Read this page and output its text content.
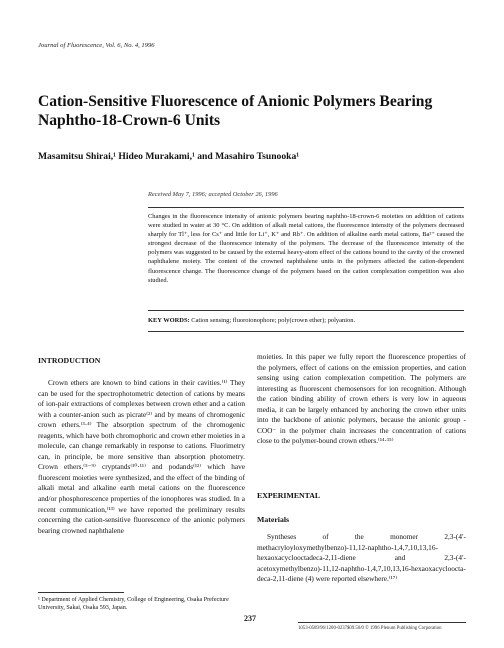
Journal of Fluorescence, Vol. 6, No. 4, 1996
Cation-Sensitive Fluorescence of Anionic Polymers Bearing Naphtho-18-Crown-6 Units
Masamitsu Shirai,¹ Hideo Murakami,¹ and Masahiro Tsunooka¹
Received May 7, 1996; accepted October 26, 1996
Changes in the fluorescence intensity of anionic polymers bearing naphtho-18-crown-6 moieties on addition of cations were studied in water at 30 °C. On addition of alkali metal cations, the fluorescence intensity of the polymers decreased sharply for Tl⁺, less for Cs⁺ and little for Li⁺, K⁺ and Rb⁺. On addition of alkaline earth metal cations, Ba²⁺ caused the strongest decrease of the fluorescence intensity of the polymers. The decrease of the fluorescence intensity of the polymers was suggested to be caused by the external heavy-atom effect of the cations bound to the cavity of the crowned naphthalene moiety. The content of the crowned naphthalene units in the polymers affected the cation-dependent fluorescence change. The fluorescence change of the polymers based on the cation complexation competition was also studied.
KEY WORDS: Cation sensing; fluoroionophore; poly(crown ether); polyanion.
INTRODUCTION

Crown ethers are known to bind cations in their cavities.⁽¹⁾ They can be used for the spectrophotometric detection of cations by means of ion-pair extractions of complexes between crown ether and a cation with a counter-anion such as picrate⁽²⁾ and by means of chromogenic crown ethers.⁽³·⁴⁾ The absorption spectrum of the chromogenic reagents, which have both chromophoric and crown ether moieties in a molecule, can change remarkably in response to cations. Fluorimetry can, in principle, be more sensitive than absorption photometry. Crown ethers,⁽⁵⁻⁹⁾ cryptands⁽¹⁰·¹¹⁾ and podands⁽¹²⁾ which have fluorescent moieties were synthesized, and the effect of the binding of alkali metal and alkaline earth metal cations on the fluorescence and/or phosphorescence properties of the ionophores was studied. In a recent communication,⁽¹³⁾ we have reported the preliminary results concerning the cation-sensitive fluorescence of the anionic polymers bearing crowned naphthalene

moieties. In this paper we fully report the fluorescence properties of the polymers, effect of cations on the emission properties, and cation sensing using cation complexation competition. The polymers are interesting as fluorescent chemosensors for ion recognition. Although the cation binding ability of crown ethers is very low in aqueous media, it can be largely enhanced by anchoring the crown ether units into the backbone of anionic polymers, because the anionic group -COO⁻ in the polymer chain increases the concentration of cations close to the polymer-bound crown ethers.⁽¹⁴·¹⁵⁾

EXPERIMENTAL
Materials

Syntheses of the monomer 2,3-(4′-methacryloyloxymethylbenzo)-11,12-naphtho-1,4,7,10,13,16-hexaoxacyclooctadeca-2,11-diene and 2,3-(4′-acetoxymethylbenzo)-11,12-naphtho-1,4,7,10,13,16-hexaoxacycloocta-deca-2,11-diene (4) were reported elsewhere.⁽¹⁷⁾

¹ Department of Applied Chemistry, College of Engineering, Osaka Prefecture University, Sakai, Osaka 593, Japan.
237
1053-0509/96/1200-0237$09.50/0 © 1996 Plenum Publishing Corporation
